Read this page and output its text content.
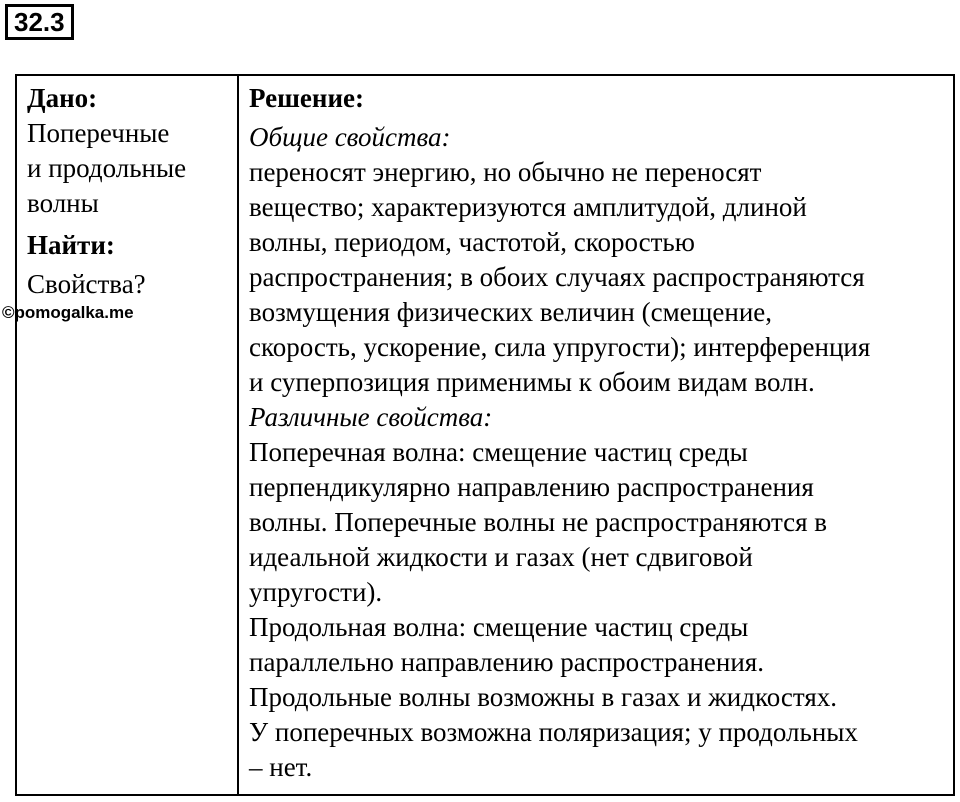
32.3

Дано:

Поперечные
и продольные
волны

Найти:

Свойства?

Решение:

Общие свойства:

переносят энергию, но обычно не переносят
вещество; характеризуются амплитудой, длиной
волны, периодом, частотой, скоростью
распространения; в обоих случаях распространяются
возмущения физических величин (смещение,
скорость, ускорение, сила упругости); интерференция
и суперпозиция применимы к обоим видам волн.

Различные свойства:

Поперечная волна: смещение частиц среды
перпендикулярно направлению распространения
волны. Поперечные волны не распространяются в
идеальной жидкости и газах (нет сдвиговой
упругости).
Продольная волна: смещение частиц среды
параллельно направлению распространения.
Продольные волны возможны в газах и жидкостях.
У поперечных возможна поляризация; у продольных
– нет.

©pomogalka.me
